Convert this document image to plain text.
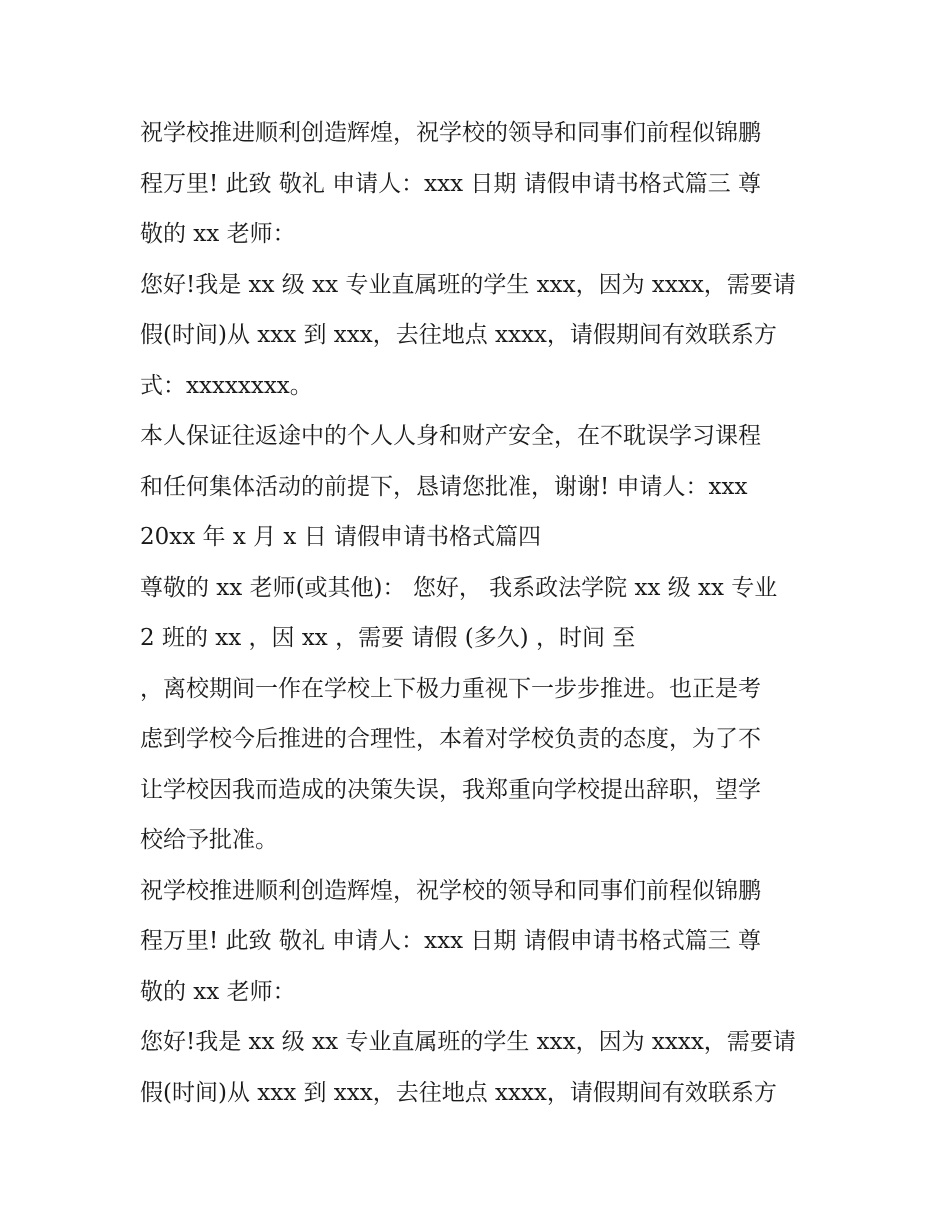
祝学校推进顺利创造辉煌，祝学校的领导和同事们前程似锦鹏
程万里! 此致 敬礼 申请人：xxx 日期 请假申请书格式篇三 尊
敬的 xx 老师：
您好!我是 xx 级 xx 专业直属班的学生 xxx，因为 xxxx，需要请
假(时间)从 xxx 到 xxx，去往地点 xxxx，请假期间有效联系方
式：xxxxxxxx。
本人保证往返途中的个人人身和财产安全，在不耽误学习课程
和任何集体活动的前提下，恳请您批准，谢谢! 申请人：xxx
20xx 年 x 月 x 日 请假申请书格式篇四
尊敬的 xx 老师(或其他)： 您好， 我系政法学院 xx 级 xx 专业
2 班的 xx ，因 xx ，需要 请假 (多久) ，时间 至
，离校期间一作在学校上下极力重视下一步步推进。也正是考
虑到学校今后推进的合理性，本着对学校负责的态度，为了不
让学校因我而造成的决策失误，我郑重向学校提出辞职，望学
校给予批准。
祝学校推进顺利创造辉煌，祝学校的领导和同事们前程似锦鹏
程万里! 此致 敬礼 申请人：xxx 日期 请假申请书格式篇三 尊
敬的 xx 老师：
您好!我是 xx 级 xx 专业直属班的学生 xxx，因为 xxxx，需要请
假(时间)从 xxx 到 xxx，去往地点 xxxx，请假期间有效联系方
